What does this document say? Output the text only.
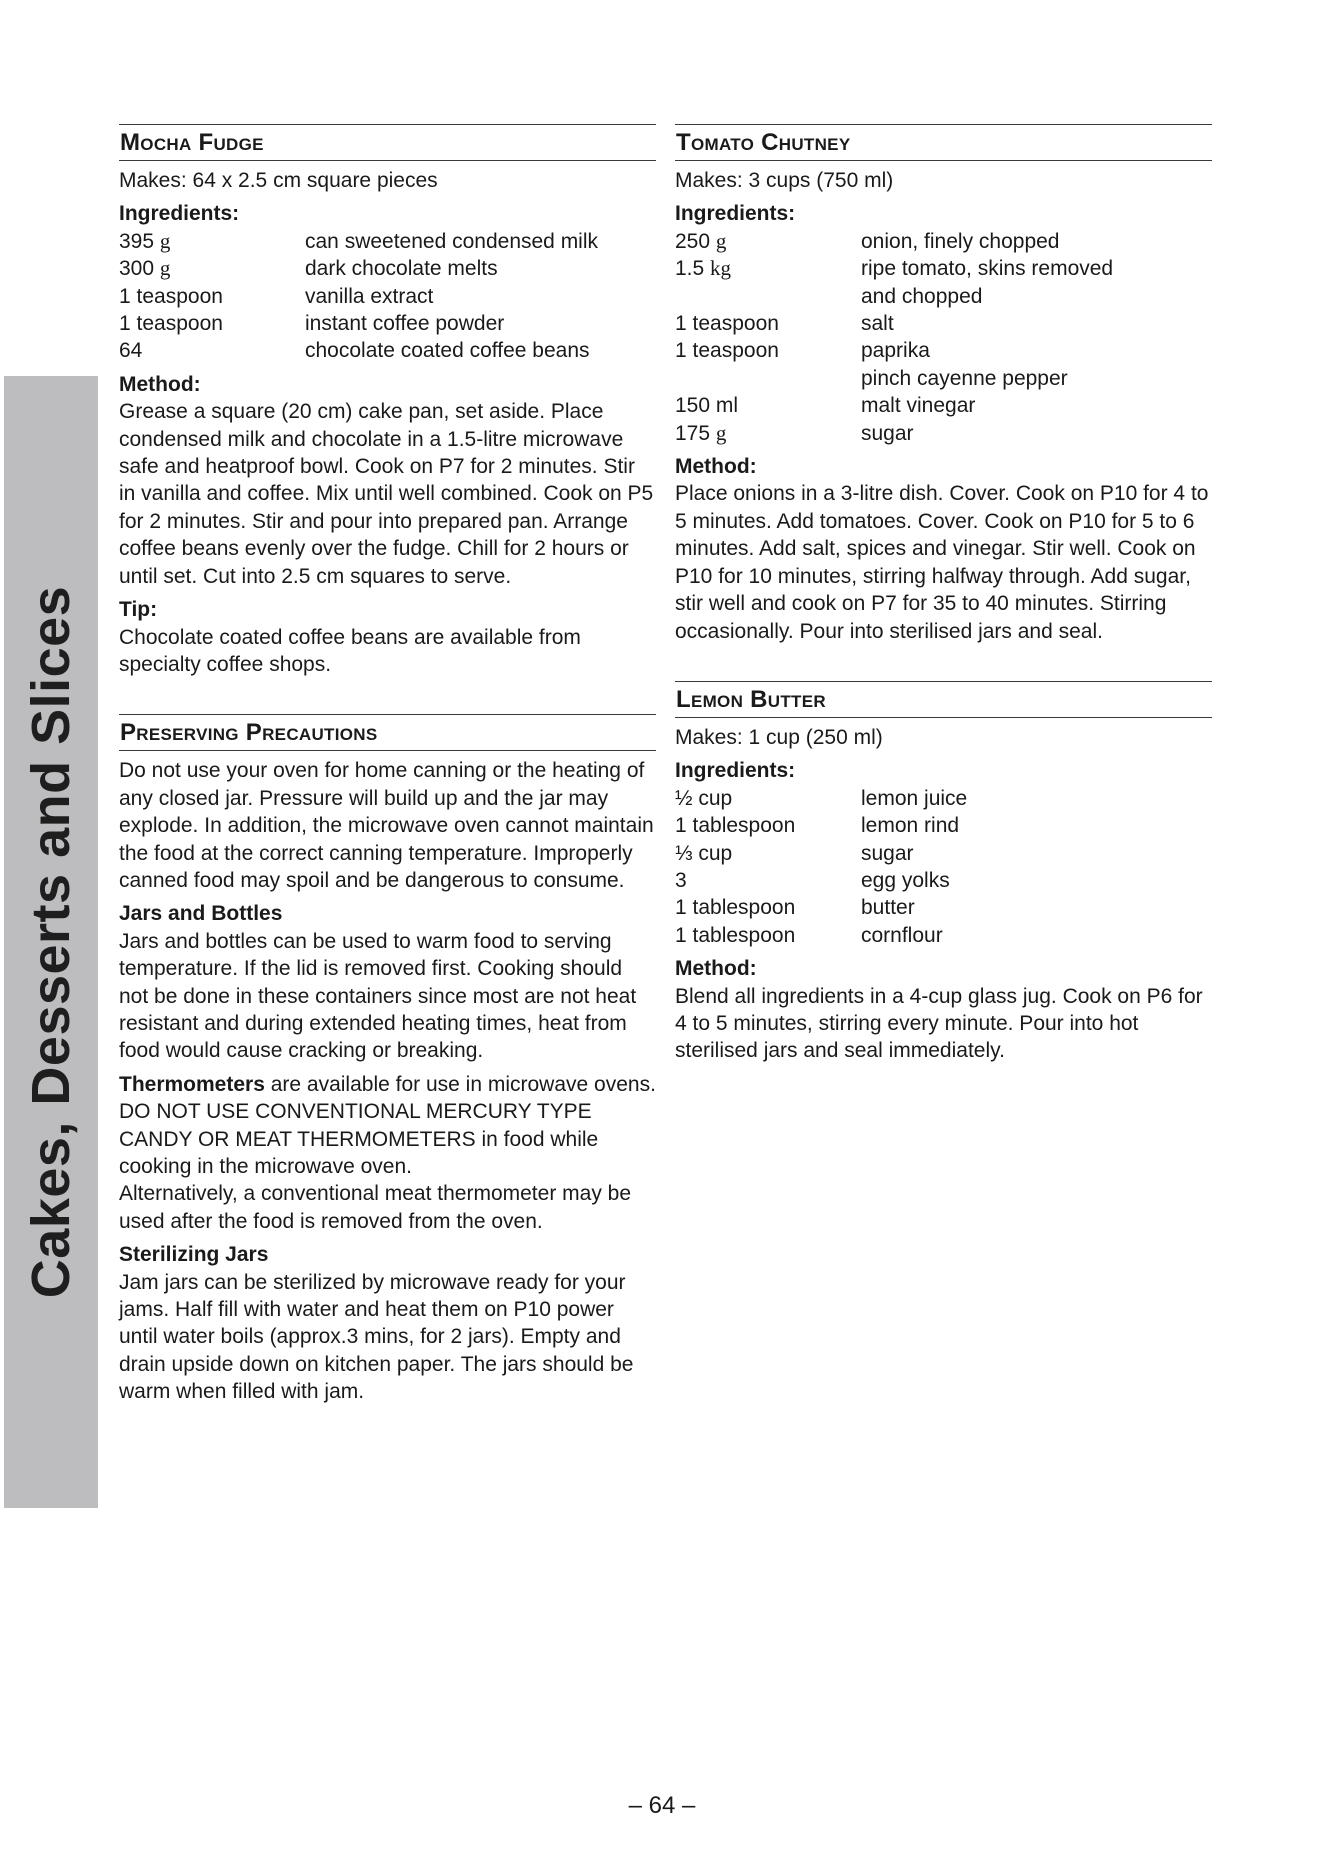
Cakes, Desserts and Slices
Mocha Fudge
Makes: 64 x 2.5 cm square pieces
Ingredients:
395 g	can sweetened condensed milk
300 g	dark chocolate melts
1 teaspoon	vanilla extract
1 teaspoon	instant coffee powder
64	chocolate coated coffee beans
Method:
Grease a square (20 cm) cake pan, set aside. Place condensed milk and chocolate in a 1.5-litre microwave safe and heatproof bowl. Cook on P7 for 2 minutes. Stir in vanilla and coffee. Mix until well combined. Cook on P5 for 2 minutes. Stir and pour into prepared pan. Arrange coffee beans evenly over the fudge. Chill for 2 hours or until set. Cut into 2.5 cm squares to serve.
Tip:
Chocolate coated coffee beans are available from specialty coffee shops.
Preserving Precautions
Do not use your oven for home canning or the heating of any closed jar. Pressure will build up and the jar may explode. In addition, the microwave oven cannot maintain the food at the correct canning temperature. Improperly canned food may spoil and be dangerous to consume.
Jars and Bottles
Jars and bottles can be used to warm food to serving temperature. If the lid is removed first. Cooking should not be done in these containers since most are not heat resistant and during extended heating times, heat from food would cause cracking or breaking.
Thermometers are available for use in microwave ovens. DO NOT USE CONVENTIONAL MERCURY TYPE CANDY OR MEAT THERMOMETERS in food while cooking in the microwave oven.
Alternatively, a conventional meat thermometer may be used after the food is removed from the oven.
Sterilizing Jars
Jam jars can be sterilized by microwave ready for your jams. Half fill with water and heat them on P10 power until water boils (approx.3 mins, for 2 jars). Empty and drain upside down on kitchen paper. The jars should be warm when filled with jam.
Tomato Chutney
Makes: 3 cups (750 ml)
Ingredients:
250 g	onion, finely chopped
1.5 kg	ripe tomato, skins removed
and chopped
1 teaspoon	salt
1 teaspoon	paprika
pinch cayenne pepper
150 ml	malt vinegar
175 g	sugar
Method:
Place onions in a 3-litre dish. Cover. Cook on P10 for 4 to 5 minutes. Add tomatoes. Cover. Cook on P10 for 5 to 6 minutes. Add salt, spices and vinegar. Stir well. Cook on P10 for 10 minutes, stirring halfway through. Add sugar, stir well and cook on P7 for 35 to 40 minutes. Stirring occasionally. Pour into sterilised jars and seal.
Lemon Butter
Makes: 1 cup (250 ml)
Ingredients:
½ cup	lemon juice
1 tablespoon	lemon rind
⅓ cup	sugar
3	egg yolks
1 tablespoon	butter
1 tablespoon	cornflour
Method:
Blend all ingredients in a 4-cup glass jug. Cook on P6 for 4 to 5 minutes, stirring every minute. Pour into hot sterilised jars and seal immediately.
– 64 –
